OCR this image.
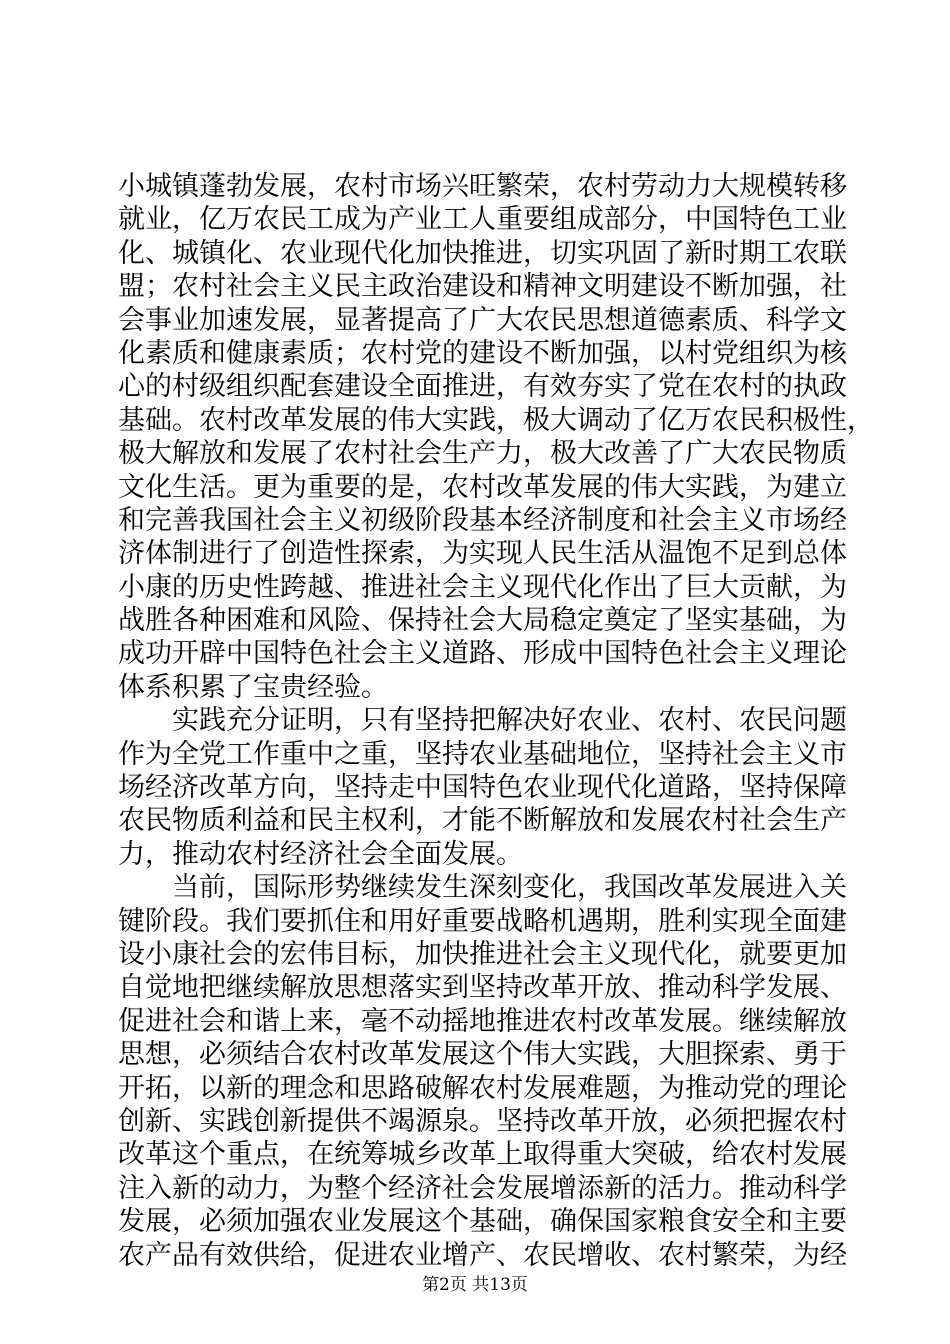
小城镇蓬勃发展，农村市场兴旺繁荣，农村劳动力大规模转移
就业，亿万农民工成为产业工人重要组成部分，中国特色工业
化、城镇化、农业现代化加快推进，切实巩固了新时期工农联
盟；农村社会主义民主政治建设和精神文明建设不断加强，社
会事业加速发展，显著提高了广大农民思想道德素质、科学文
化素质和健康素质；农村党的建设不断加强，以村党组织为核
心的村级组织配套建设全面推进，有效夯实了党在农村的执政
基础。农村改革发展的伟大实践，极大调动了亿万农民积极性，
极大解放和发展了农村社会生产力，极大改善了广大农民物质
文化生活。更为重要的是，农村改革发展的伟大实践，为建立
和完善我国社会主义初级阶段基本经济制度和社会主义市场经
济体制进行了创造性探索，为实现人民生活从温饱不足到总体
小康的历史性跨越、推进社会主义现代化作出了巨大贡献，为
战胜各种困难和风险、保持社会大局稳定奠定了坚实基础，为
成功开辟中国特色社会主义道路、形成中国特色社会主义理论
体系积累了宝贵经验。
　　实践充分证明，只有坚持把解决好农业、农村、农民问题
作为全党工作重中之重，坚持农业基础地位，坚持社会主义市
场经济改革方向，坚持走中国特色农业现代化道路，坚持保障
农民物质利益和民主权利，才能不断解放和发展农村社会生产
力，推动农村经济社会全面发展。
　　当前，国际形势继续发生深刻变化，我国改革发展进入关
键阶段。我们要抓住和用好重要战略机遇期，胜利实现全面建
设小康社会的宏伟目标，加快推进社会主义现代化，就要更加
自觉地把继续解放思想落实到坚持改革开放、推动科学发展、
促进社会和谐上来，毫不动摇地推进农村改革发展。继续解放
思想，必须结合农村改革发展这个伟大实践，大胆探索、勇于
开拓，以新的理念和思路破解农村发展难题，为推动党的理论
创新、实践创新提供不竭源泉。坚持改革开放，必须把握农村
改革这个重点，在统筹城乡改革上取得重大突破，给农村发展
注入新的动力，为整个经济社会发展增添新的活力。推动科学
发展，必须加强农业发展这个基础，确保国家粮食安全和主要
农产品有效供给，促进农业增产、农民增收、农村繁荣，为经
第2页 共13页
